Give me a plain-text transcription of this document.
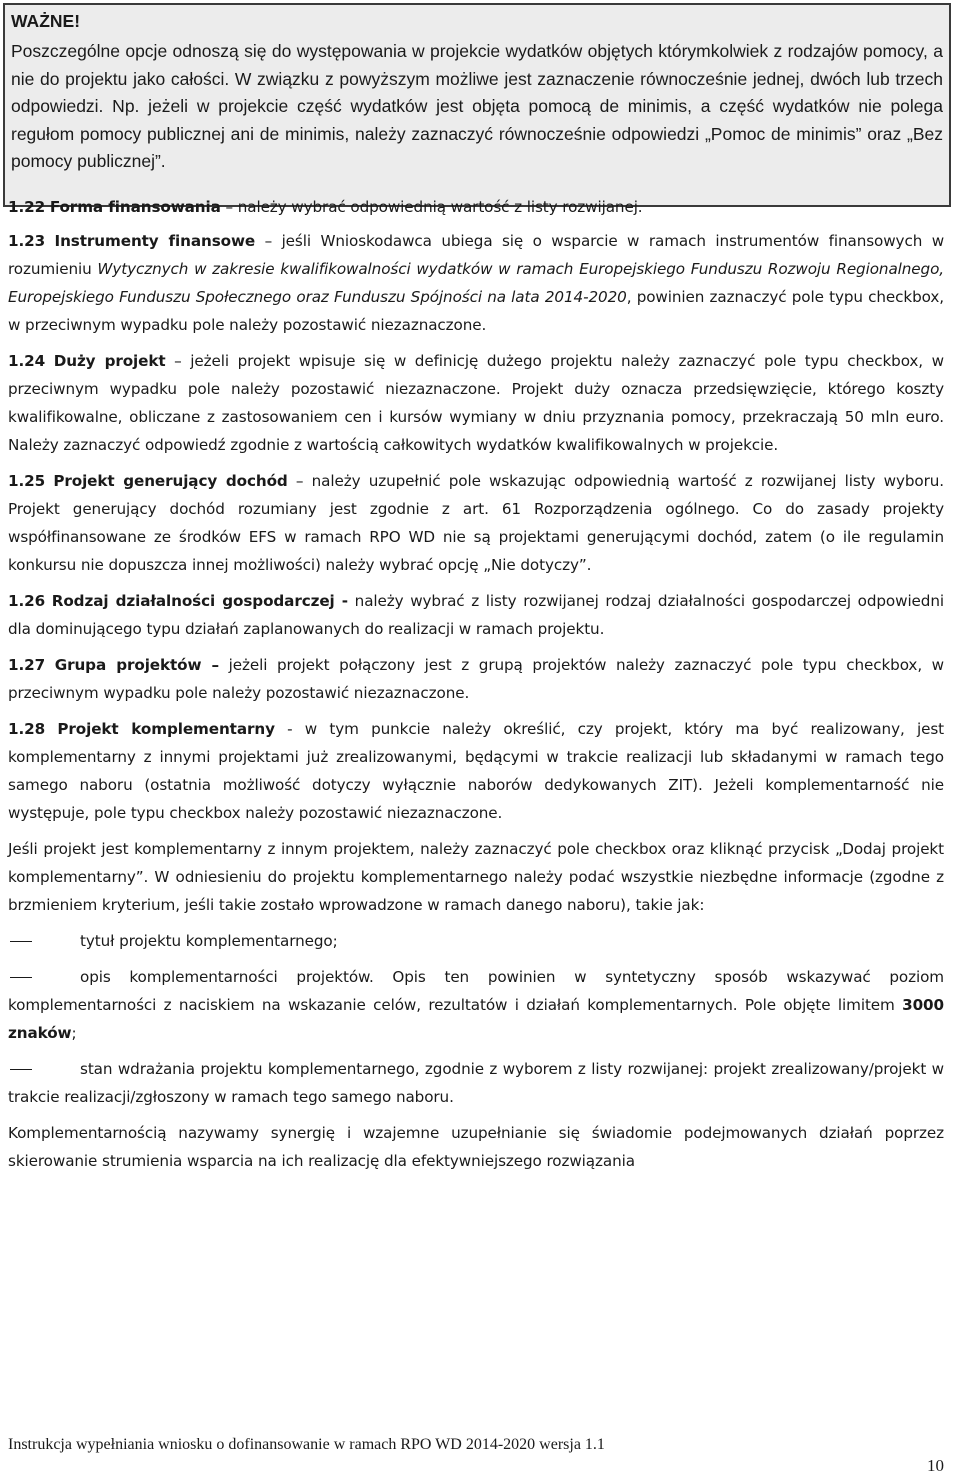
WAŻNE!
Poszczególne opcje odnoszą się do występowania w projekcie wydatków objętych którymkolwiek z rodzajów pomocy, a nie do projektu jako całości. W związku z powyższym możliwe jest zaznaczenie równocześnie jednej, dwóch lub trzech odpowiedzi. Np. jeżeli w projekcie część wydatków jest objęta pomocą de minimis, a część wydatków nie polega regułom pomocy publicznej ani de minimis, należy zaznaczyć równocześnie odpowiedzi „Pomoc de minimis” oraz „Bez pomocy publicznej”.

1.22 Forma finansowania – należy wybrać odpowiednią wartość z listy rozwijanej.

1.23 Instrumenty finansowe – jeśli Wnioskodawca ubiega się o wsparcie w ramach instrumentów finansowych w rozumieniu Wytycznych w zakresie kwalifikowalności wydatków w ramach Europejskiego Funduszu Rozwoju Regionalnego, Europejskiego Funduszu Społecznego oraz Funduszu Spójności na lata 2014-2020, powinien zaznaczyć pole typu checkbox, w przeciwnym wypadku pole należy pozostawić niezaznaczone.

1.24 Duży projekt – jeżeli projekt wpisuje się w definicję dużego projektu należy zaznaczyć pole typu checkbox, w przeciwnym wypadku pole należy pozostawić niezaznaczone. Projekt duży oznacza przedsięwzięcie, którego koszty kwalifikowalne, obliczane z zastosowaniem cen i kursów wymiany w dniu przyznania pomocy, przekraczają 50 mln euro. Należy zaznaczyć odpowiedź zgodnie z wartością całkowitych wydatków kwalifikowalnych w projekcie.

1.25 Projekt generujący dochód – należy uzupełnić pole wskazując odpowiednią wartość z rozwijanej listy wyboru. Projekt generujący dochód rozumiany jest zgodnie z art. 61 Rozporządzenia ogólnego. Co do zasady projekty współfinansowane ze środków EFS w ramach RPO WD nie są projektami generującymi dochód, zatem (o ile regulamin konkursu nie dopuszcza innej możliwości) należy wybrać opcję „Nie dotyczy”.

1.26 Rodzaj działalności gospodarczej - należy wybrać z listy rozwijanej rodzaj działalności gospodarczej odpowiedni dla dominującego typu działań zaplanowanych do realizacji w ramach projektu.

1.27 Grupa projektów – jeżeli projekt połączony jest z grupą projektów należy zaznaczyć pole typu checkbox, w przeciwnym wypadku pole należy pozostawić niezaznaczone.

1.28 Projekt komplementarny - w tym punkcie należy określić, czy projekt, który ma być realizowany, jest komplementarny z innymi projektami już zrealizowanymi, będącymi w trakcie realizacji lub składanymi w ramach tego samego naboru (ostatnia możliwość dotyczy wyłącznie naborów dedykowanych ZIT). Jeżeli komplementarność nie występuje, pole typu checkbox należy pozostawić niezaznaczone.

Jeśli projekt jest komplementarny z innym projektem, należy zaznaczyć pole checkbox oraz kliknąć przycisk „Dodaj projekt komplementarny”. W odniesieniu do projektu komplementarnego należy podać wszystkie niezbędne informacje (zgodne z brzmieniem kryterium, jeśli takie zostało wprowadzone w ramach danego naboru), takie jak:

tytuł projektu komplementarnego;
opis komplementarności projektów. Opis ten powinien w syntetyczny sposób wskazywać poziom komplementarności z naciskiem na wskazanie celów, rezultatów i działań komplementarnych. Pole objęte limitem 3000 znaków;
stan wdrażania projektu komplementarnego, zgodnie z wyborem z listy rozwijanej: projekt zrealizowany/projekt w trakcie realizacji/zgłoszony w ramach tego samego naboru.

Komplementarnością nazywamy synergię i wzajemne uzupełnianie się świadomie podejmowanych działań poprzez skierowanie strumienia wsparcia na ich realizację dla efektywniejszego rozwiązania

Instrukcja wypełniania wniosku o dofinansowanie w ramach RPO WD 2014-2020 wersja 1.1
10
